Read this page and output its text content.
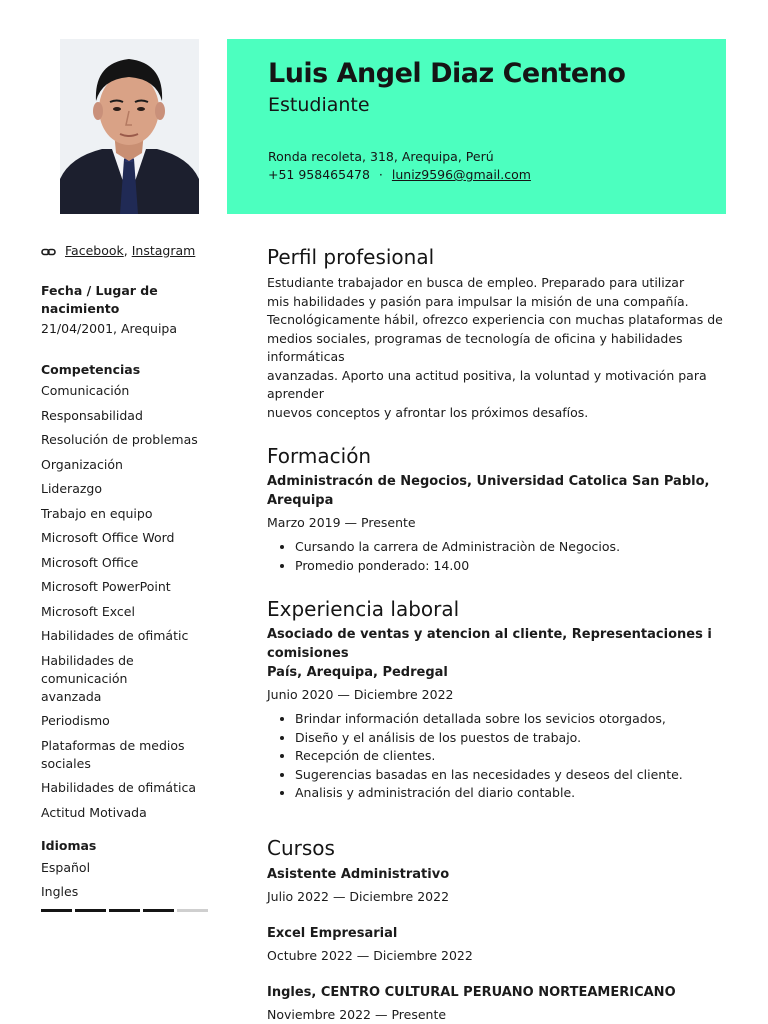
Luis Angel Diaz Centeno
Estudiante
Ronda recoleta, 318, Arequipa, Perú
+51 958465478 · luniz9596@gmail.com
Facebook , Instagram
Fecha / Lugar de nacimiento
21/04/2001, Arequipa
Competencias
Comunicación
Responsabilidad
Resolución de problemas
Organización
Liderazgo
Trabajo en equipo
Microsoft Office Word
Microsoft Office
Microsoft PowerPoint
Microsoft Excel
Habilidades de ofimátic
Habilidades de comunicación avanzada
Periodismo
Plataformas de medios sociales
Habilidades de ofimática
Actitud Motivada
Idiomas
Español
Ingles
Perfil profesional

Estudiante trabajador en busca de empleo. Preparado para utilizar

mis habilidades y pasión para impulsar la misión de una compañía.

Tecnológicamente hábil, ofrezco experiencia con muchas plataformas de

medios sociales, programas de tecnología de oficina y habilidades informáticas

avanzadas. Aporto una actitud positiva, la voluntad y motivación para aprender

nuevos conceptos y afrontar los próximos desafíos.

Formación
Administracón de Negocios, Universidad Catolica San Pablo, Arequipa
Marzo 2019 — Presente
• Cursando la carrera de Administraciòn de Negocios.
• Promedio ponderado: 14.00
Experiencia laboral
Asociado de ventas y atencion al cliente, Representaciones i comisiones
País, Arequipa, Pedregal
Junio 2020 — Diciembre 2022
• Brindar información detallada sobre los sevicios otorgados,
• Diseño y el análisis de los puestos de trabajo.
• Recepción de clientes.
• Sugerencias basadas en las necesidades y deseos del cliente.
• Analisis y administración del diario contable.
Cursos
Asistente Administrativo
Julio 2022 — Diciembre 2022
Excel Empresarial
Octubre 2022 — Diciembre 2022
Ingles, CENTRO CULTURAL PERUANO NORTEAMERICANO
Noviembre 2022 — Presente
